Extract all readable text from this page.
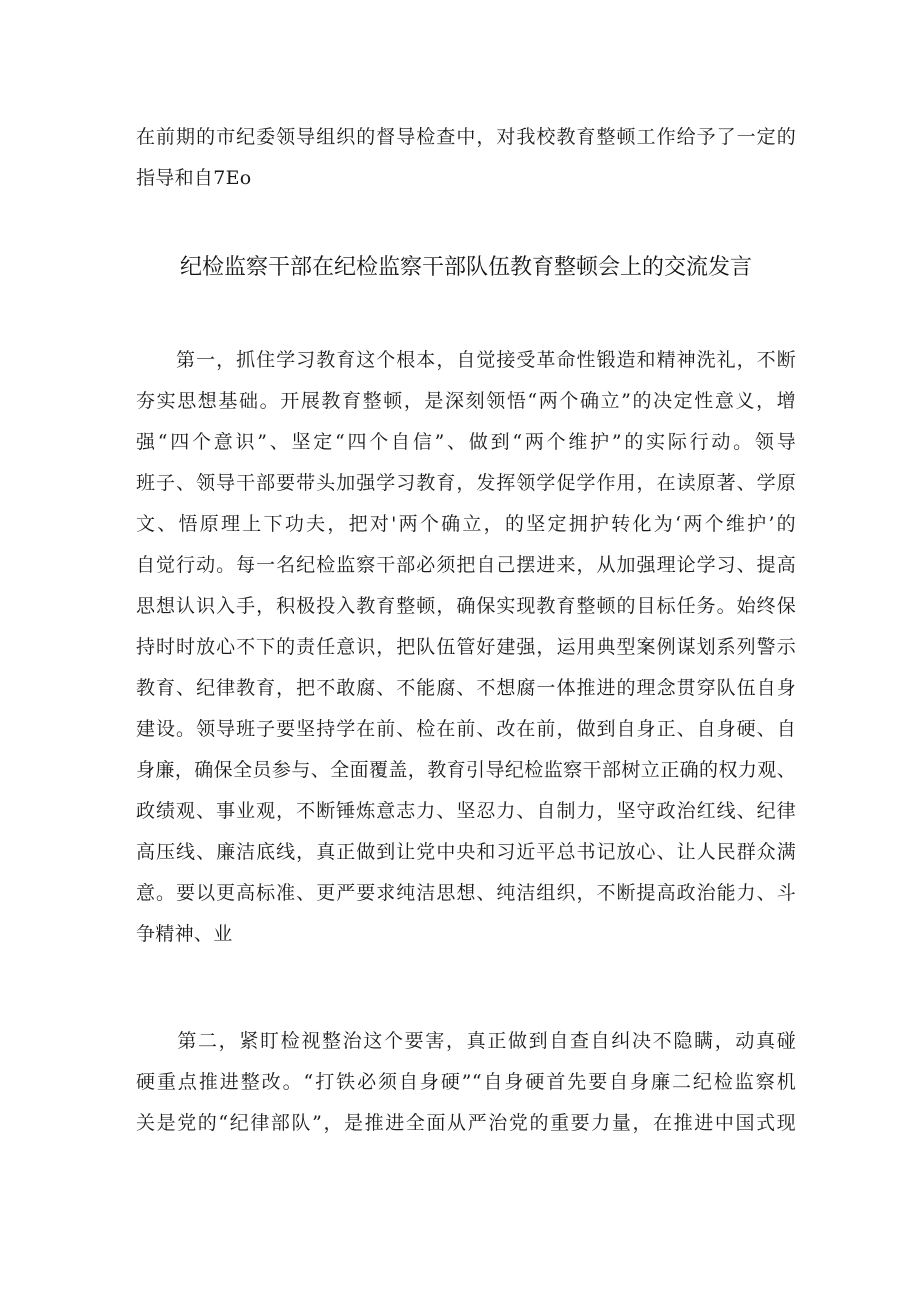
在前期的市纪委领导组织的督导检查中，对我校教育整顿工作给予了一定的
指导和自7Eo
纪检监察干部在纪检监察干部队伍教育整顿会上的交流发言
　　第一，抓住学习教育这个根本，自觉接受革命性锻造和精神洗礼，不断
夯实思想基础。开展教育整顿，是深刻领悟“两个确立”的决定性意义，增
强“四个意识”、坚定“四个自信”、做到“两个维护”的实际行动。领导
班子、领导干部要带头加强学习教育，发挥领学促学作用，在读原著、学原
文、悟原理上下功夫，把对'两个确立，的坚定拥护转化为‘两个维护’的
自觉行动。每一名纪检监察干部必须把自己摆进来，从加强理论学习、提高
思想认识入手，积极投入教育整顿，确保实现教育整顿的目标任务。始终保
持时时放心不下的责任意识，把队伍管好建强，运用典型案例谋划系列警示
教育、纪律教育，把不敢腐、不能腐、不想腐一体推进的理念贯穿队伍自身
建设。领导班子要坚持学在前、检在前、改在前，做到自身正、自身硬、自
身廉，确保全员参与、全面覆盖，教育引导纪检监察干部树立正确的权力观、
政绩观、事业观，不断锤炼意志力、坚忍力、自制力，坚守政治红线、纪律
高压线、廉洁底线，真正做到让党中央和习近平总书记放心、让人民群众满
意。要以更高标准、更严要求纯洁思想、纯洁组织，不断提高政治能力、斗
争精神、业
　　第二，紧盯检视整治这个要害，真正做到自查自纠决不隐瞒，动真碰
硬重点推进整改。“打铁必须自身硬”“自身硬首先要自身廉二纪检监察机
关是党的“纪律部队”，是推进全面从严治党的重要力量，在推进中国式现
